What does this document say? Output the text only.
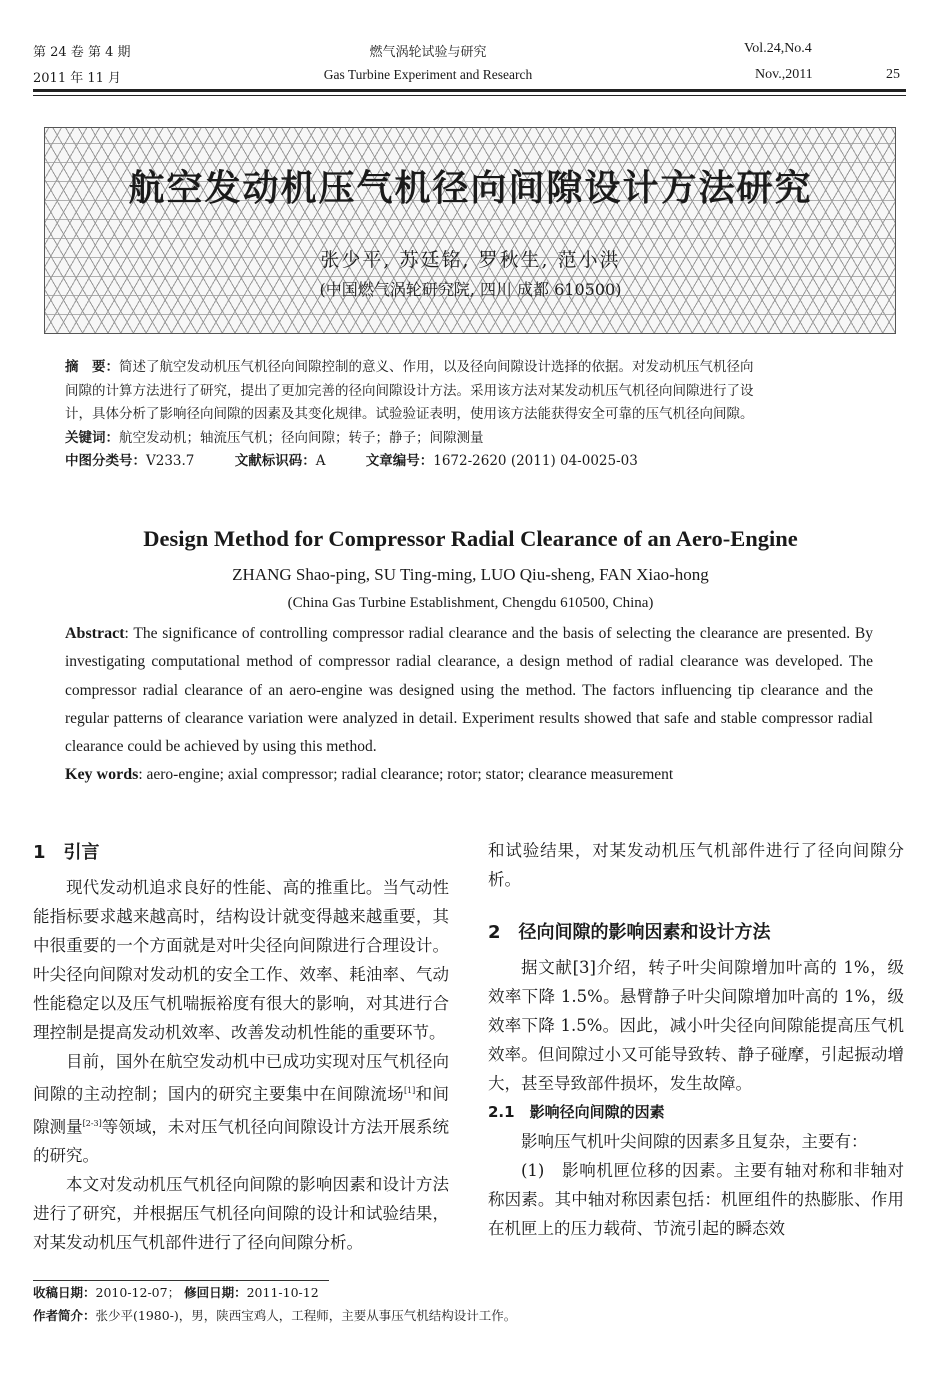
第 24 卷 第 4 期
2011 年 11 月
燃气涡轮试验与研究
Gas Turbine Experiment and Research
Vol.24,No.4
Nov.,2011	25
航空发动机压气机径向间隙设计方法研究
张少平, 苏廷铭, 罗秋生, 范小洪
(中国燃气涡轮研究院, 四川 成都 610500)

摘　要：简述了航空发动机压气机径向间隙控制的意义、作用，以及径向间隙设计选择的依据。对发动机压气机径向

间隙的计算方法进行了研究，提出了更加完善的径向间隙设计方法。采用该方法对某发动机压气机径向间隙进行了设

计，具体分析了影响径向间隙的因素及其变化规律。试验验证表明，使用该方法能获得安全可靠的压气机径向间隙。

关键词：航空发动机；轴流压气机；径向间隙；转子；静子；间隙测量

中图分类号：V233.7	文献标识码：A	文章编号：1672-2620 (2011) 04-0025-03

Design Method for Compressor Radial Clearance of an Aero-Engine
ZHANG Shao-ping, SU Ting-ming, LUO Qiu-sheng, FAN Xiao-hong
(China Gas Turbine Establishment, Chengdu 610500, China)

Abstract: The significance of controlling compressor radial clearance and the basis of selecting the clearance are presented. By investigating computational method of compressor radial clearance, a design method of radial clearance was developed. The compressor radial clearance of an aero-engine was designed using the method. The factors influencing tip clearance and the regular patterns of clearance variation were analyzed in detail. Experiment results showed that safe and stable compressor radial clearance could be achieved by using this method.

Key words: aero-engine; axial compressor; radial clearance; rotor; stator; clearance measurement

1　引言

现代发动机追求良好的性能、高的推重比。当气动性能指标要求越来越高时，结构设计就变得越来越重要，其中很重要的一个方面就是对叶尖径向间隙进行合理设计。叶尖径向间隙对发动机的安全工作、效率、耗油率、气动性能稳定以及压气机喘振裕度有很大的影响，对其进行合理控制是提高发动机效率、改善发动机性能的重要环节。

目前，国外在航空发动机中已成功实现对压气机径向间隙的主动控制；国内的研究主要集中在间隙流场[1]和间隙测量[2-3]等领域，未对压气机径向间隙设计方法开展系统的研究。

本文对发动机压气机径向间隙的影响因素和设计方法进行了研究，并根据压气机径向间隙的设计和试验结果，对某发动机压气机部件进行了径向间隙分析。

和试验结果，对某发动机压气机部件进行了径向间隙分析。

2　径向间隙的影响因素和设计方法

据文献[3]介绍，转子叶尖间隙增加叶高的 1%，级效率下降 1.5%。悬臂静子叶尖间隙增加叶高的 1%，级效率下降 1.5%。因此，减小叶尖径向间隙能提高压气机效率。但间隙过小又可能导致转、静子碰摩，引起振动增大，甚至导致部件损坏，发生故障。

2.1　影响径向间隙的因素

影响压气机叶尖间隙的因素多且复杂，主要有：

(1)　影响机匣位移的因素。主要有轴对称和非轴对称因素。其中轴对称因素包括：机匣组件的热膨胀、作用在机匣上的压力载荷、节流引起的瞬态效

收稿日期：2010-12-07； 修回日期：2011-10-12
作者简介：张少平(1980-)，男，陕西宝鸡人，工程师，主要从事压气机结构设计工作。
